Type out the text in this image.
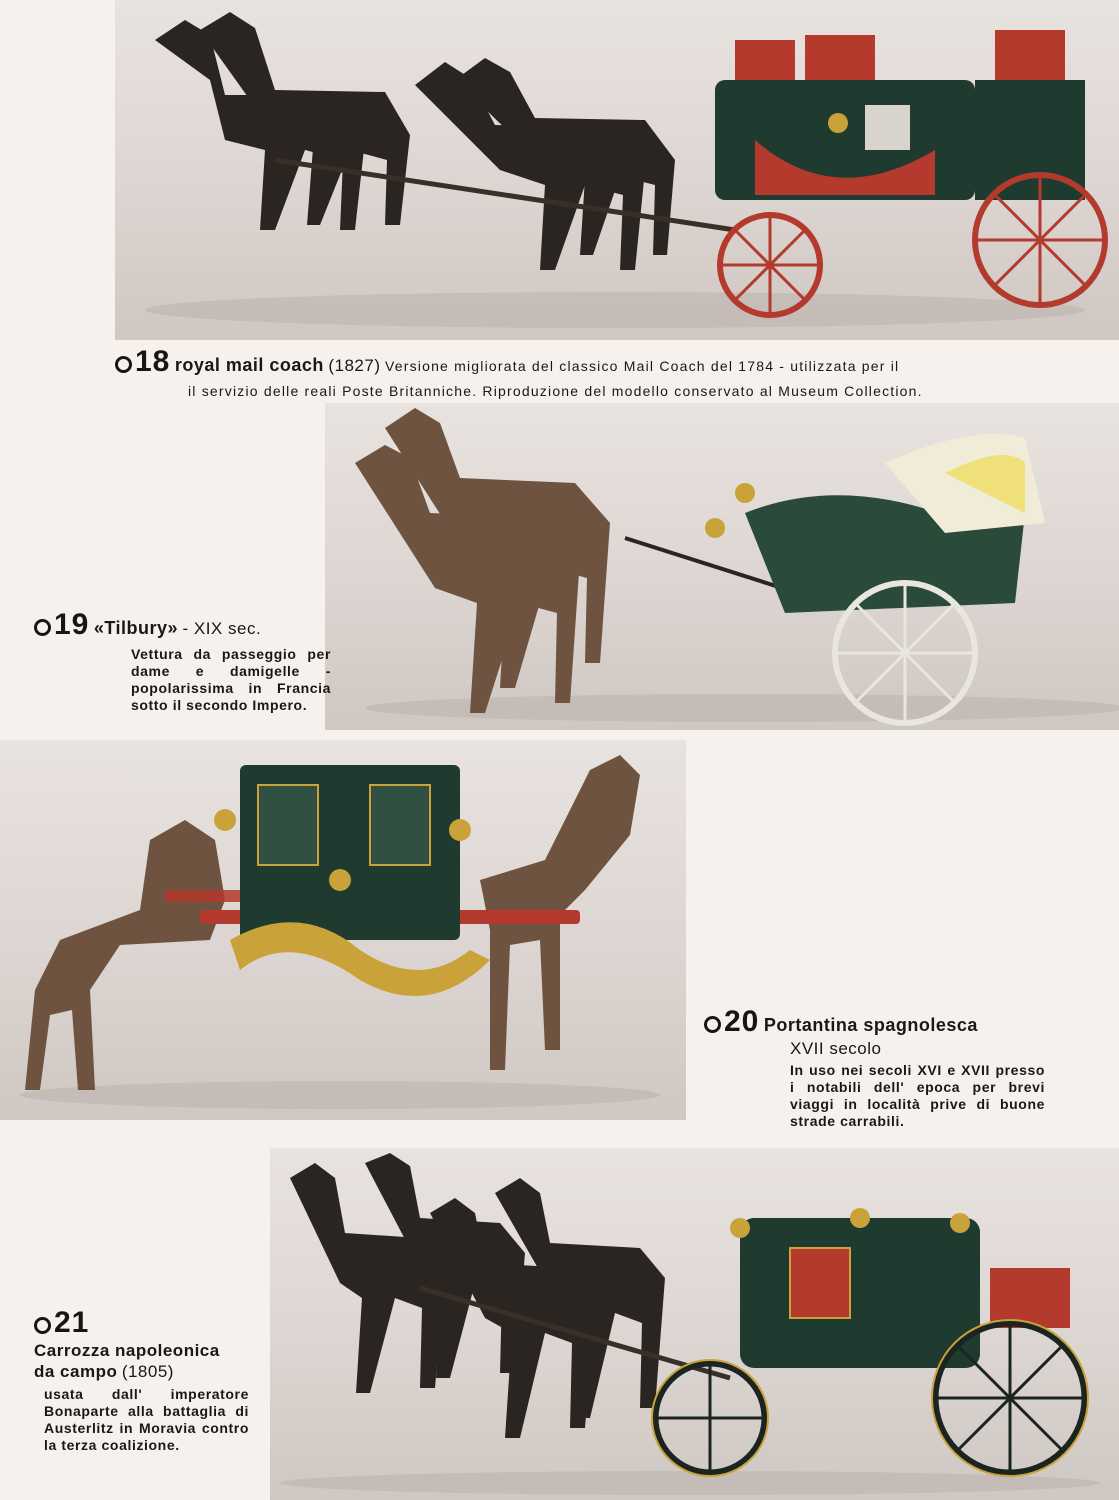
18 royal mail coach (1827) Versione migliorata del classico Mail Coach del 1784 - utilizzata per il
il servizio delle reali Poste Britanniche. Riproduzione del modello conservato al Museum Collection.
19 «Tilbury» - XIX sec.
Vettura da passeggio per dame e damigelle - popolarissima in Francia sotto il secondo Impero.
20 Portantina spagnolesca
XVII secolo
In uso nei secoli XVI e XVII presso i notabili dell' epoca per brevi viaggi in località prive di buone strade carrabili.
21
Carrozza napoleonica
da campo (1805)
usata dall' imperatore Bonaparte alla battaglia di Austerlitz in Moravia contro la terza coalizione.
